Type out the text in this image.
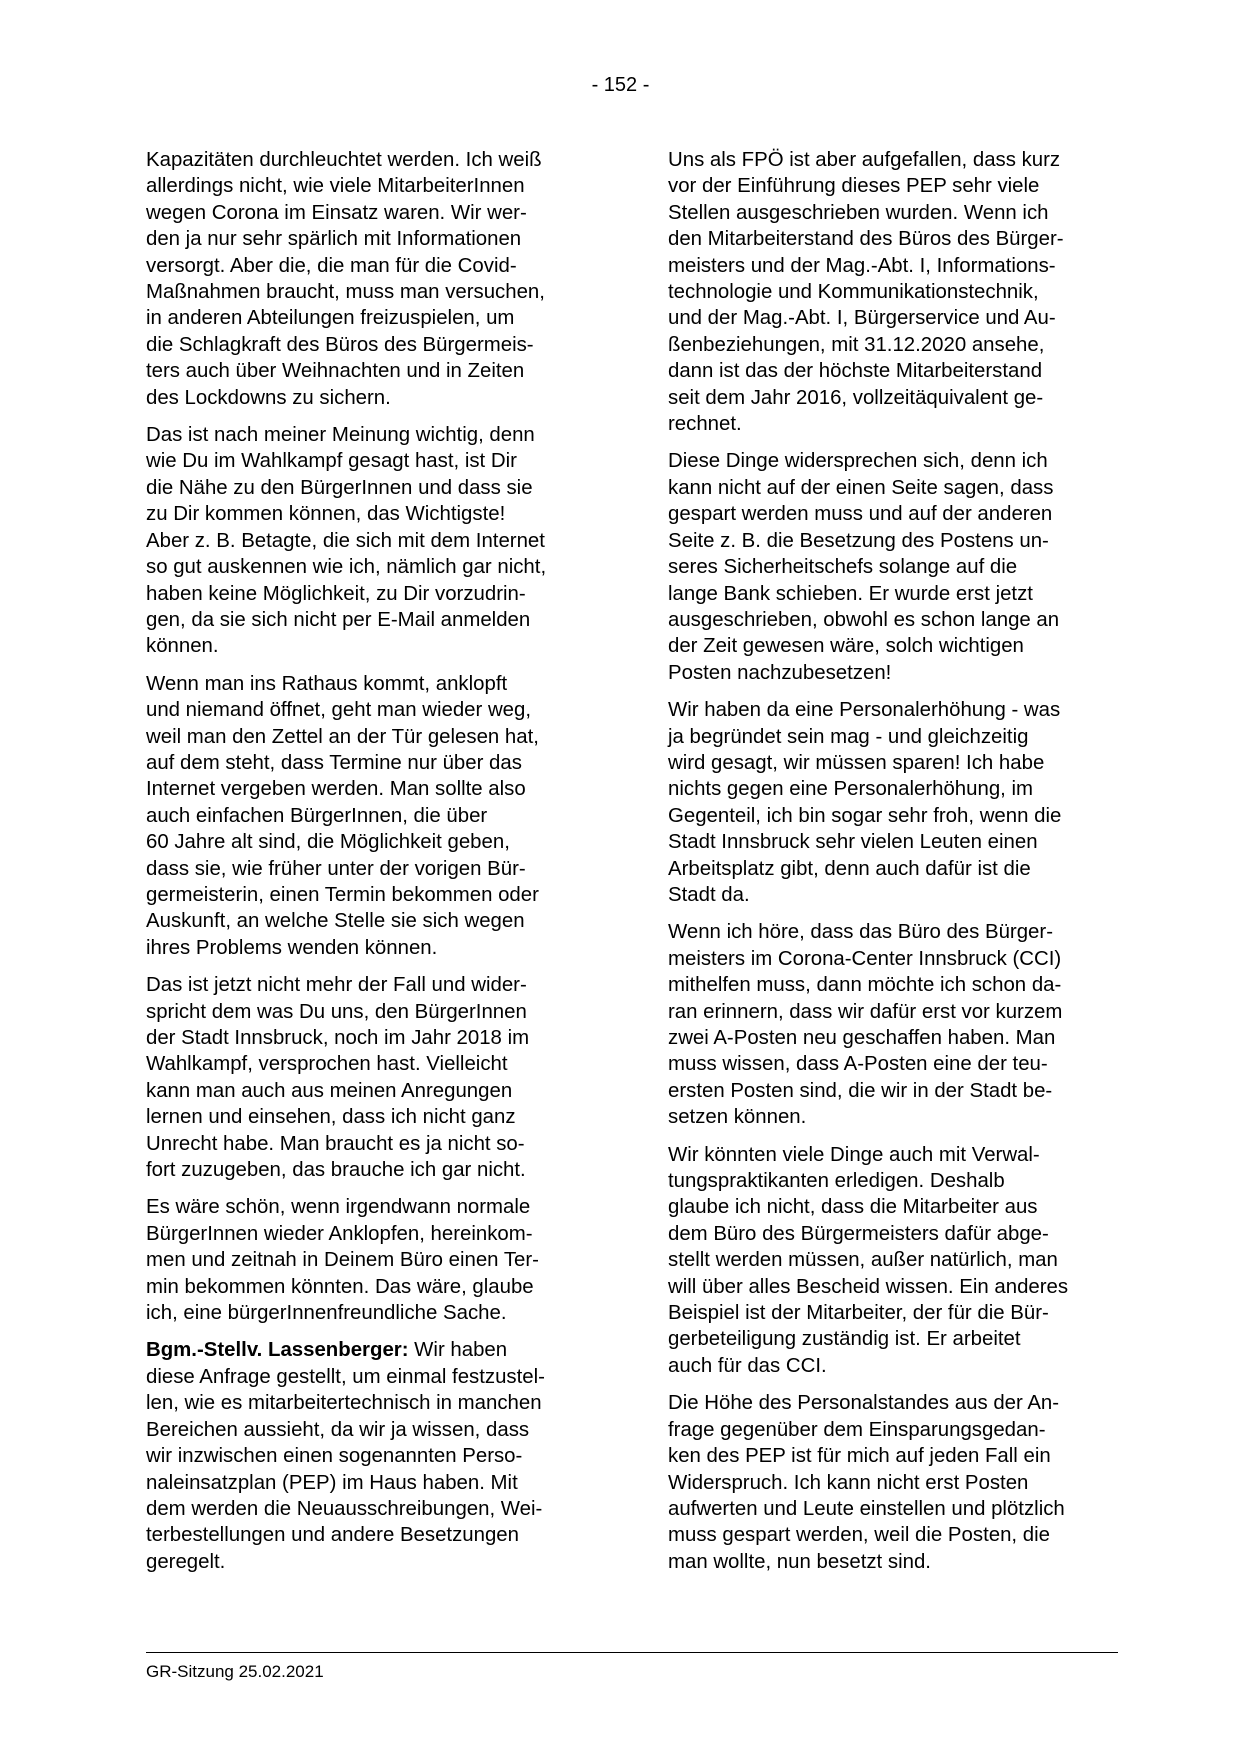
- 152 -
Kapazitäten durchleuchtet werden. Ich weiß
allerdings nicht, wie viele MitarbeiterInnen
wegen Corona im Einsatz waren. Wir wer-
den ja nur sehr spärlich mit Informationen
versorgt. Aber die, die man für die Covid-
Maßnahmen braucht, muss man versuchen,
in anderen Abteilungen freizuspielen, um
die Schlagkraft des Büros des Bürgermeis-
ters auch über Weihnachten und in Zeiten
des Lockdowns zu sichern.
Das ist nach meiner Meinung wichtig, denn
wie Du im Wahlkampf gesagt hast, ist Dir
die Nähe zu den BürgerInnen und dass sie
zu Dir kommen können, das Wichtigste!
Aber z. B. Betagte, die sich mit dem Internet
so gut auskennen wie ich, nämlich gar nicht,
haben keine Möglichkeit, zu Dir vorzudrin-
gen, da sie sich nicht per E-Mail anmelden
können.
Wenn man ins Rathaus kommt, anklopft
und niemand öffnet, geht man wieder weg,
weil man den Zettel an der Tür gelesen hat,
auf dem steht, dass Termine nur über das
Internet vergeben werden. Man sollte also
auch einfachen BürgerInnen, die über
60 Jahre alt sind, die Möglichkeit geben,
dass sie, wie früher unter der vorigen Bür-
germeisterin, einen Termin bekommen oder
Auskunft, an welche Stelle sie sich wegen
ihres Problems wenden können.
Das ist jetzt nicht mehr der Fall und wider-
spricht dem was Du uns, den BürgerInnen
der Stadt Innsbruck, noch im Jahr 2018 im
Wahlkampf, versprochen hast. Vielleicht
kann man auch aus meinen Anregungen
lernen und einsehen, dass ich nicht ganz
Unrecht habe. Man braucht es ja nicht so-
fort zuzugeben, das brauche ich gar nicht.
Es wäre schön, wenn irgendwann normale
BürgerInnen wieder Anklopfen, hereinkom-
men und zeitnah in Deinem Büro einen Ter-
min bekommen könnten. Das wäre, glaube
ich, eine bürgerInnenfreundliche Sache.
Bgm.-Stellv. Lassenberger: Wir haben
diese Anfrage gestellt, um einmal festzustel-
len, wie es mitarbeitertechnisch in manchen
Bereichen aussieht, da wir ja wissen, dass
wir inzwischen einen sogenannten Perso-
naleinsatzplan (PEP) im Haus haben. Mit
dem werden die Neuausschreibungen, Wei-
terbestellungen und andere Besetzungen
geregelt.
Uns als FPÖ ist aber aufgefallen, dass kurz
vor der Einführung dieses PEP sehr viele
Stellen ausgeschrieben wurden. Wenn ich
den Mitarbeiterstand des Büros des Bürger-
meisters und der Mag.-Abt. I, Informations-
technologie und Kommunikationstechnik,
und der Mag.-Abt. I, Bürgerservice und Au-
ßenbeziehungen, mit 31.12.2020 ansehe,
dann ist das der höchste Mitarbeiterstand
seit dem Jahr 2016, vollzeitäquivalent ge-
rechnet.
Diese Dinge widersprechen sich, denn ich
kann nicht auf der einen Seite sagen, dass
gespart werden muss und auf der anderen
Seite z. B. die Besetzung des Postens un-
seres Sicherheitschefs solange auf die
lange Bank schieben. Er wurde erst jetzt
ausgeschrieben, obwohl es schon lange an
der Zeit gewesen wäre, solch wichtigen
Posten nachzubesetzen!
Wir haben da eine Personalerhöhung - was
ja begründet sein mag - und gleichzeitig
wird gesagt, wir müssen sparen! Ich habe
nichts gegen eine Personalerhöhung, im
Gegenteil, ich bin sogar sehr froh, wenn die
Stadt Innsbruck sehr vielen Leuten einen
Arbeitsplatz gibt, denn auch dafür ist die
Stadt da.
Wenn ich höre, dass das Büro des Bürger-
meisters im Corona-Center Innsbruck (CCI)
mithelfen muss, dann möchte ich schon da-
ran erinnern, dass wir dafür erst vor kurzem
zwei A-Posten neu geschaffen haben. Man
muss wissen, dass A-Posten eine der teu-
ersten Posten sind, die wir in der Stadt be-
setzen können.
Wir könnten viele Dinge auch mit Verwal-
tungspraktikanten erledigen. Deshalb
glaube ich nicht, dass die Mitarbeiter aus
dem Büro des Bürgermeisters dafür abge-
stellt werden müssen, außer natürlich, man
will über alles Bescheid wissen. Ein anderes
Beispiel ist der Mitarbeiter, der für die Bür-
gerbeteiligung zuständig ist. Er arbeitet
auch für das CCI.
Die Höhe des Personalstandes aus der An-
frage gegenüber dem Einsparungsgedan-
ken des PEP ist für mich auf jeden Fall ein
Widerspruch. Ich kann nicht erst Posten
aufwerten und Leute einstellen und plötzlich
muss gespart werden, weil die Posten, die
man wollte, nun besetzt sind.
GR-Sitzung 25.02.2021
